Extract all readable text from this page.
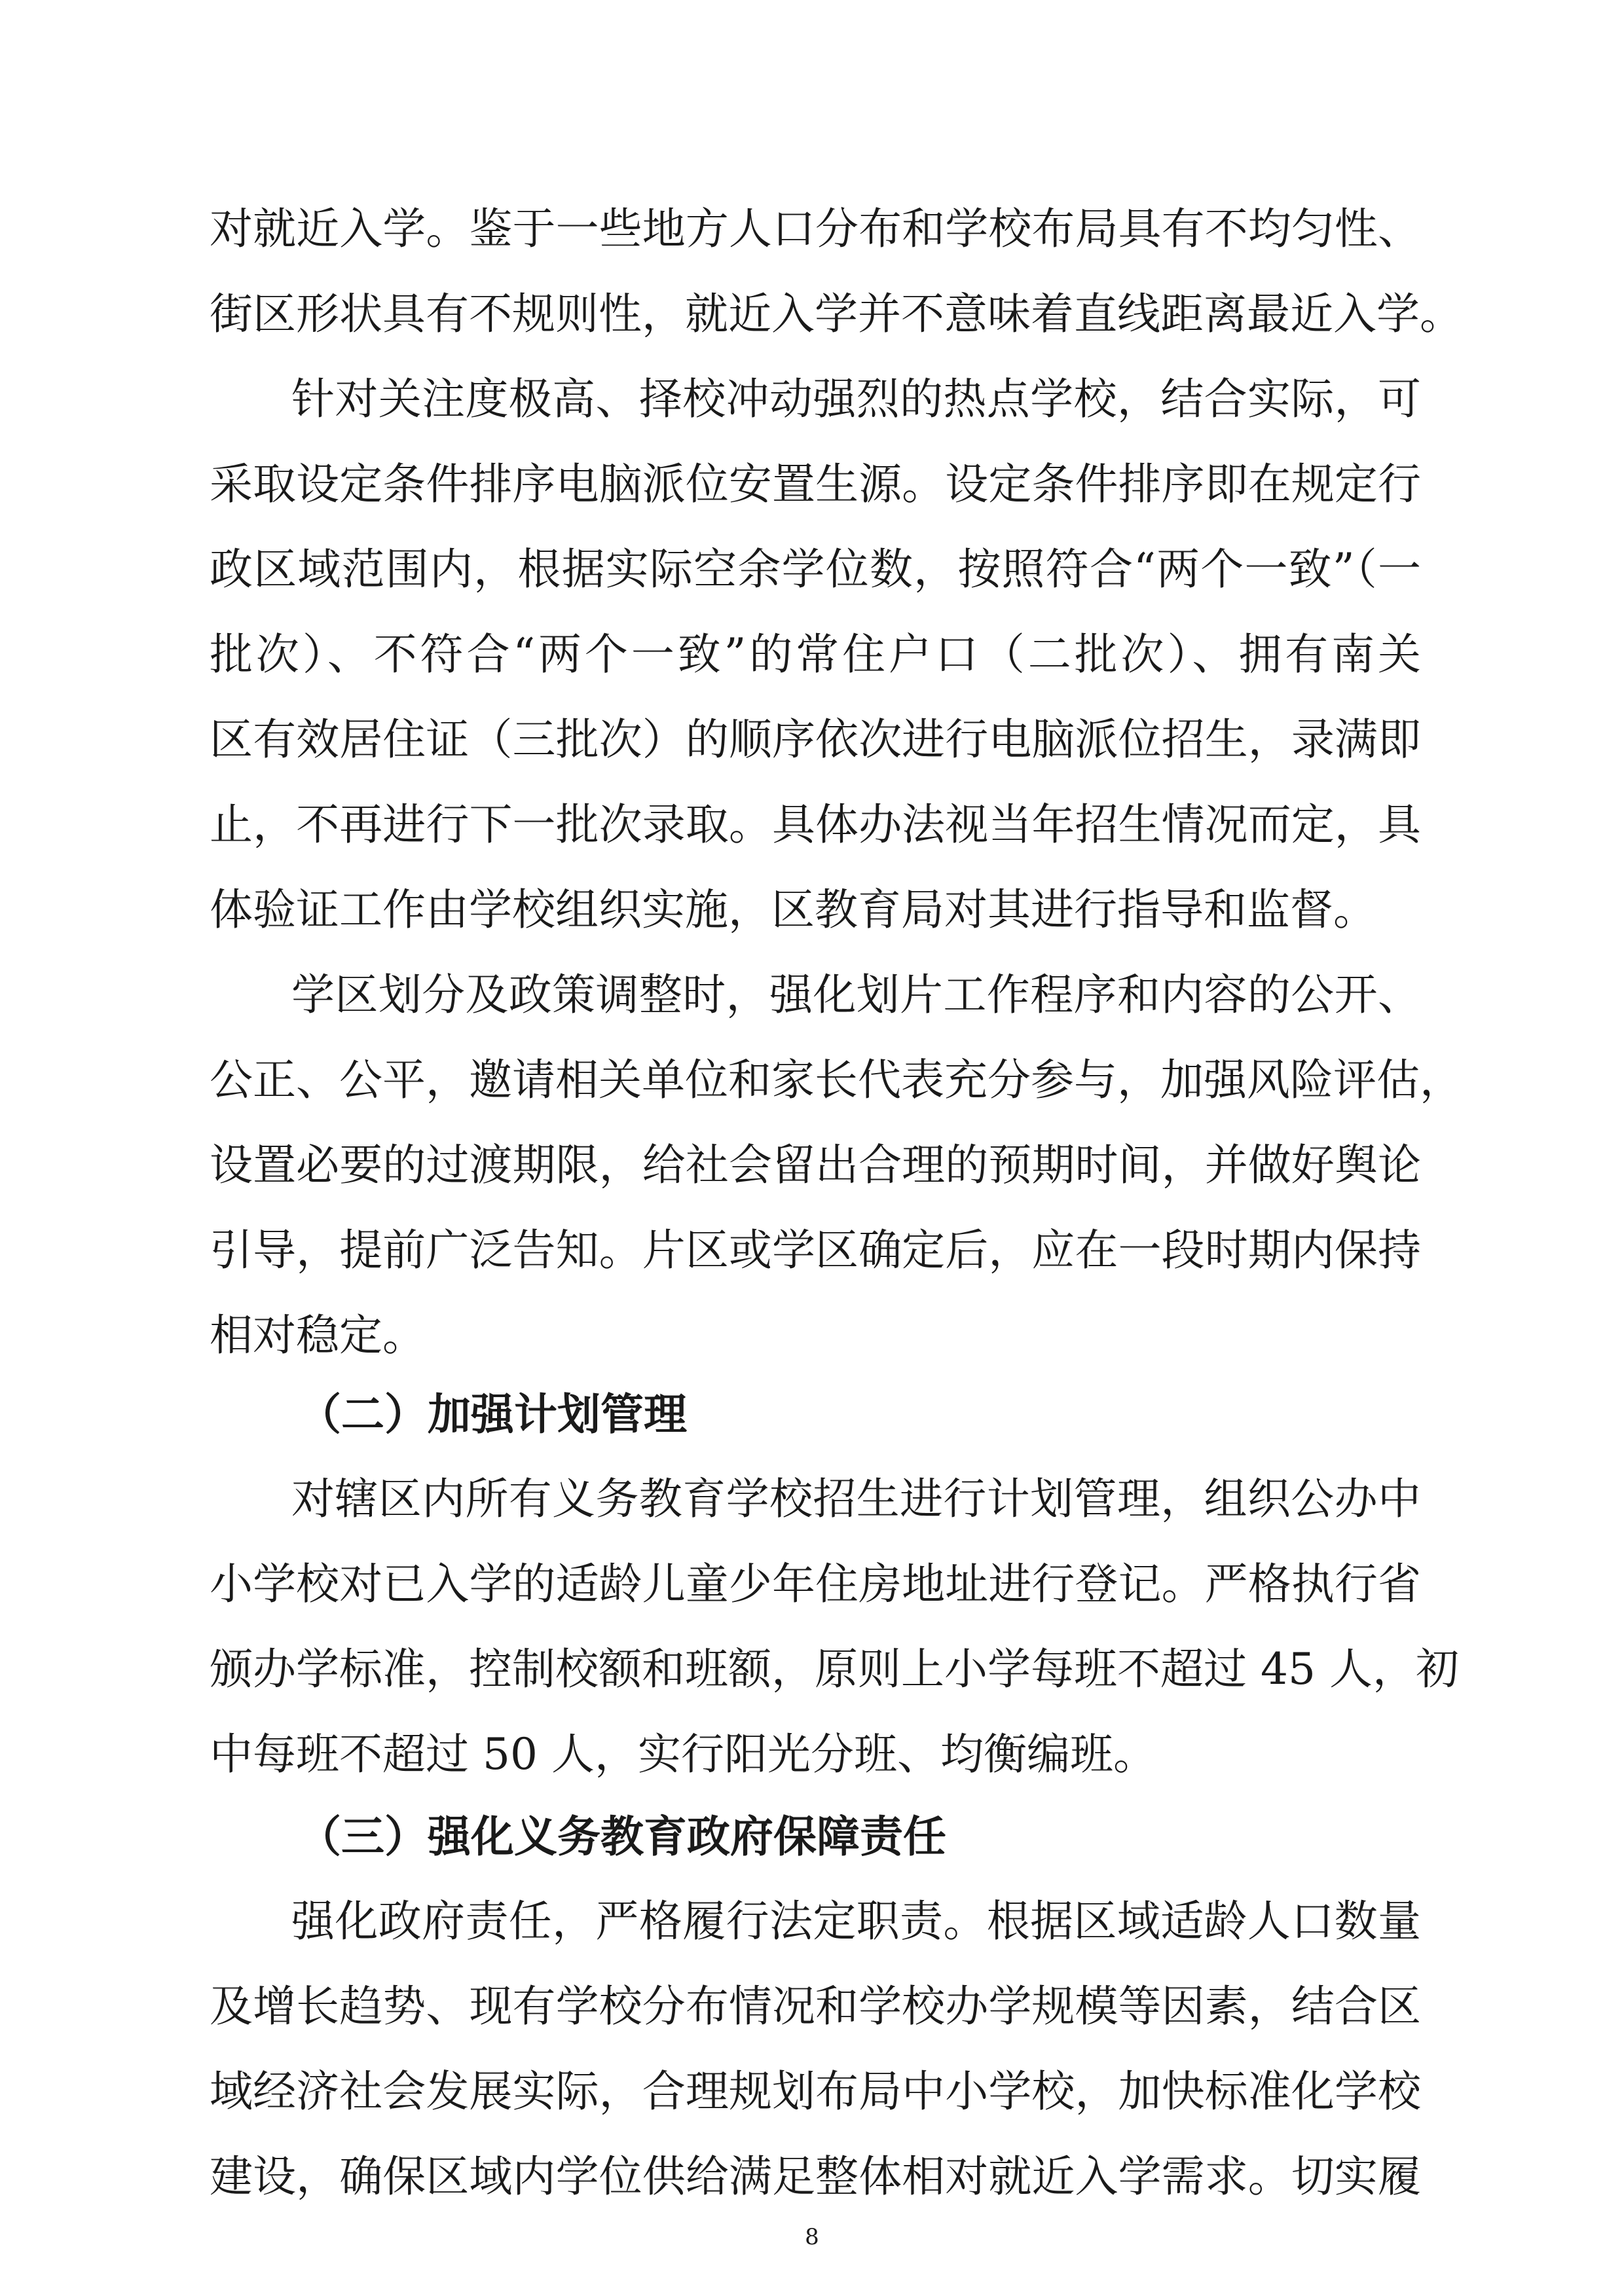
对就近入学。鉴于一些地方人口分布和学校布局具有不均匀性、
街区形状具有不规则性，就近入学并不意味着直线距离最近入学。
针对关注度极高、择校冲动强烈的热点学校，结合实际，可
采取设定条件排序电脑派位安置生源。设定条件排序即在规定行
政区域范围内，根据实际空余学位数，按照符合“两个一致”（一
批次）、不符合“两个一致”的常住户口（二批次）、拥有南关
区有效居住证（三批次）的顺序依次进行电脑派位招生，录满即
止，不再进行下一批次录取。具体办法视当年招生情况而定，具
体验证工作由学校组织实施，区教育局对其进行指导和监督。
学区划分及政策调整时，强化划片工作程序和内容的公开、
公正、公平，邀请相关单位和家长代表充分参与，加强风险评估，
设置必要的过渡期限，给社会留出合理的预期时间，并做好舆论
引导，提前广泛告知。片区或学区确定后，应在一段时期内保持
相对稳定。
（二）加强计划管理
对辖区内所有义务教育学校招生进行计划管理，组织公办中
小学校对已入学的适龄儿童少年住房地址进行登记。严格执行省
颁办学标准，控制校额和班额，原则上小学每班不超过 45 人，初
中每班不超过 50 人，实行阳光分班、均衡编班。
（三）强化义务教育政府保障责任
强化政府责任，严格履行法定职责。根据区域适龄人口数量
及增长趋势、现有学校分布情况和学校办学规模等因素，结合区
域经济社会发展实际，合理规划布局中小学校，加快标准化学校
建设，确保区域内学位供给满足整体相对就近入学需求。切实履
8
